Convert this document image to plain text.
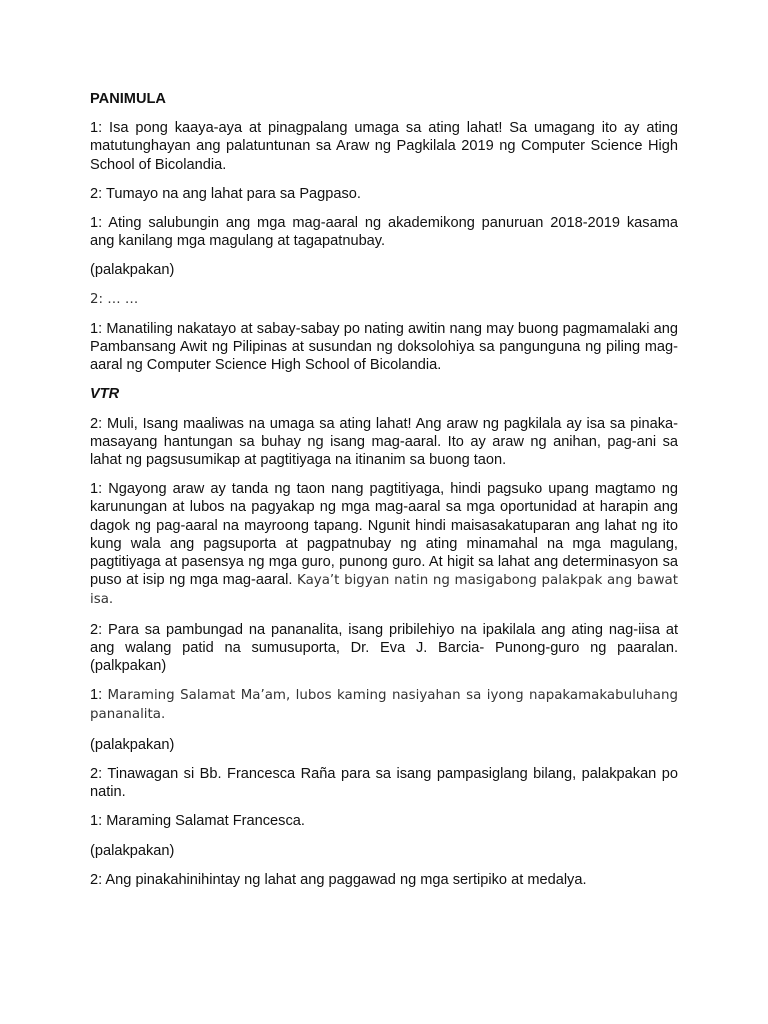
PANIMULA

1: Isa pong kaaya-aya at pinagpalang umaga sa ating lahat! Sa umagang ito ay ating matutunghayan ang palatuntunan sa Araw ng Pagkilala 2019 ng Computer Science High School of Bicolandia.

2: Tumayo na ang lahat para sa Pagpaso.

1: Ating salubungin ang mga mag-aaral ng akademikong panuruan 2018-2019 kasama ang kanilang mga magulang at tagapatnubay.

(palakpakan)

2: … …

1: Manatiling nakatayo at sabay-sabay po nating awitin nang may buong pagmamalaki ang Pambansang Awit ng Pilipinas at susundan ng doksolohiya sa pangunguna ng piling mag-aaral ng Computer Science High School of Bicolandia.

VTR

2: Muli, Isang maaliwas na umaga sa ating lahat! Ang araw ng pagkilala ay isa sa pinaka-masayang hantungan sa buhay ng isang mag-aaral. Ito ay araw ng anihan, pag-ani sa lahat ng pagsusumikap at pagtitiyaga na itinanim sa buong taon.

1: Ngayong araw ay tanda ng taon nang pagtitiyaga, hindi pagsuko upang magtamo ng karunungan at lubos na pagyakap ng mga mag-aaral sa mga oportunidad at harapin ang dagok ng pag-aaral na mayroong tapang. Ngunit hindi maisasakatuparan ang lahat ng ito kung wala ang pagsuporta at pagpatnubay ng ating minamahal na mga magulang, pagtitiyaga at pasensya ng mga guro, punong guro. At higit sa lahat ang determinasyon sa puso at isip ng mga mag-aaral. Kaya’t bigyan natin ng masigabong palakpak ang bawat isa.

2: Para sa pambungad na pananalita, isang pribilehiyo na ipakilala ang ating nag-iisa at ang walang patid na sumusuporta, Dr. Eva J. Barcia- Punong-guro ng paaralan. (palkpakan)

1: Maraming Salamat Ma’am, lubos kaming nasiyahan sa iyong napakamakabuluhang pananalita.

(palakpakan)

2: Tinawagan si Bb. Francesca Raña para sa isang pampasiglang bilang, palakpakan po natin.

1: Maraming Salamat Francesca.

(palakpakan)

2: Ang pinakahinihintay ng lahat ang paggawad ng mga sertipiko at medalya.
